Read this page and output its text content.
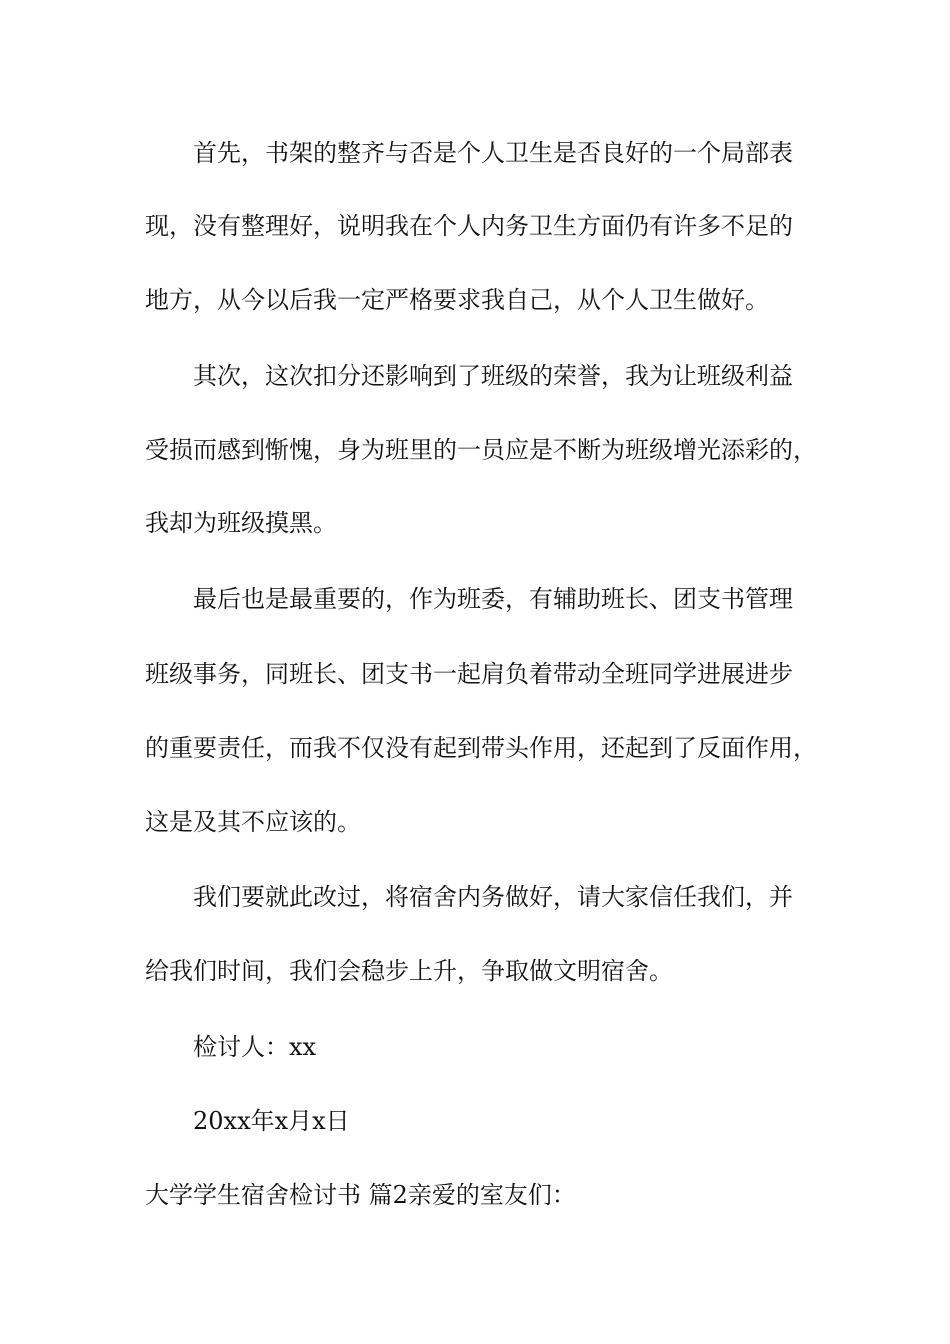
首先，书架的整齐与否是个人卫生是否良好的一个局部表

现，没有整理好，说明我在个人内务卫生方面仍有许多不足的

地方，从今以后我一定严格要求我自己，从个人卫生做好。

其次，这次扣分还影响到了班级的荣誉，我为让班级利益

受损而感到惭愧，身为班里的一员应是不断为班级增光添彩的，

我却为班级摸黑。

最后也是最重要的，作为班委，有辅助班长、团支书管理

班级事务，同班长、团支书一起肩负着带动全班同学进展进步

的重要责任，而我不仅没有起到带头作用，还起到了反面作用，

这是及其不应该的。

我们要就此改过，将宿舍内务做好，请大家信任我们，并

给我们时间，我们会稳步上升，争取做文明宿舍。

检讨人：xx

20xx年x月x日

大学学生宿舍检讨书 篇2亲爱的室友们：
